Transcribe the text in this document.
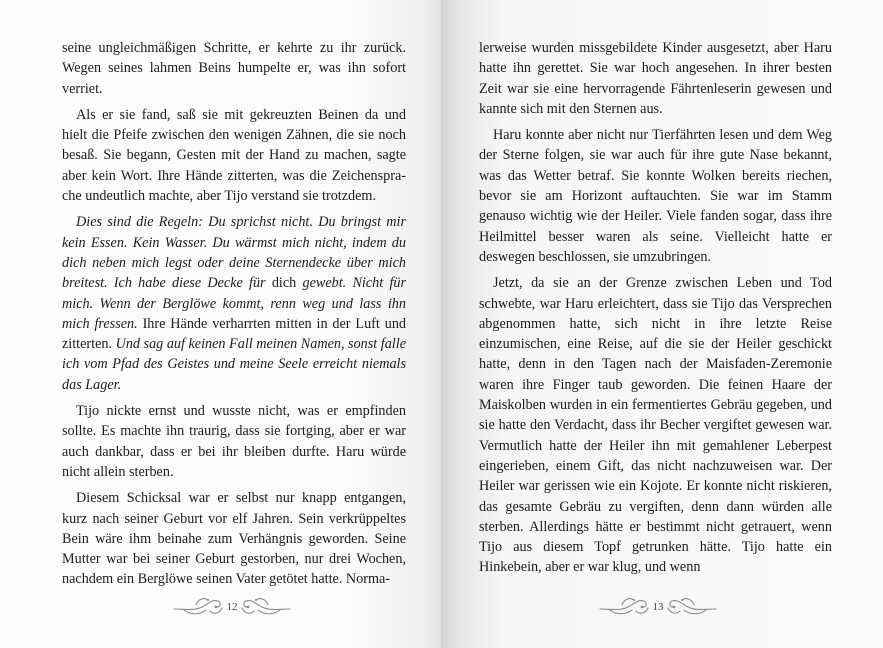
seine ungleichmäßigen Schritte, er kehrte zu ihr zurück. Wegen seines lahmen Beins humpelte er, was ihn sofort verriet.

Als er sie fand, saß sie mit gekreuzten Beinen da und hielt die Pfeife zwischen den wenigen Zähnen, die sie noch besaß. Sie begann, Gesten mit der Hand zu machen, sagte aber kein Wort. Ihre Hände zitterten, was die Zeichensprache undeutlich machte, aber Tijo verstand sie trotzdem.

Dies sind die Regeln: Du sprichst nicht. Du bringst mir kein Essen. Kein Wasser. Du wärmst mich nicht, indem du dich neben mich legst oder deine Sternendecke über mich breitest. Ich habe diese Decke für dich gewebt. Nicht für mich. Wenn der Berglöwe kommt, renn weg und lass ihn mich fressen. Ihre Hände verharrten mitten in der Luft und zitterten. Und sag auf keinen Fall meinen Namen, sonst falle ich vom Pfad des Geistes und meine Seele erreicht niemals das Lager.

Tijo nickte ernst und wusste nicht, was er empfinden sollte. Es machte ihn traurig, dass sie fortging, aber er war auch dankbar, dass er bei ihr bleiben durfte. Haru würde nicht allein sterben.

Diesem Schicksal war er selbst nur knapp entgangen, kurz nach seiner Geburt vor elf Jahren. Sein verkrüppeltes Bein wäre ihm beinahe zum Verhängnis geworden. Seine Mutter war bei seiner Geburt gestorben, nur drei Wochen, nachdem ein Berglöwe seinen Vater getötet hatte. Norma-

12

lerweise wurden missgebildete Kinder ausgesetzt, aber Haru hatte ihn gerettet. Sie war hoch angesehen. In ihrer besten Zeit war sie eine hervorragende Fährtenleserin gewesen und kannte sich mit den Sternen aus.

Haru konnte aber nicht nur Tierfährten lesen und dem Weg der Sterne folgen, sie war auch für ihre gute Nase bekannt, was das Wetter betraf. Sie konnte Wolken bereits riechen, bevor sie am Horizont auftauchten. Sie war im Stamm genauso wichtig wie der Heiler. Viele fanden sogar, dass ihre Heilmittel besser waren als seine. Vielleicht hatte er deswegen beschlossen, sie umzubringen.

Jetzt, da sie an der Grenze zwischen Leben und Tod schwebte, war Haru erleichtert, dass sie Tijo das Versprechen abgenommen hatte, sich nicht in ihre letzte Reise einzumischen, eine Reise, auf die sie der Heiler geschickt hatte, denn in den Tagen nach der Maisfaden-Zeremonie waren ihre Finger taub geworden. Die feinen Haare der Maiskolben wurden in ein fermentiertes Gebräu gegeben, und sie hatte den Verdacht, dass ihr Becher vergiftet gewesen war. Vermutlich hatte der Heiler ihn mit gemahlener Leberpest eingerieben, einem Gift, das nicht nachzuweisen war. Der Heiler war gerissen wie ein Kojote. Er konnte nicht riskieren, das gesamte Gebräu zu vergiften, denn dann würden alle sterben. Allerdings hätte er bestimmt nicht getrauert, wenn Tijo aus diesem Topf getrunken hätte. Tijo hatte ein Hinkebein, aber er war klug, und wenn

13
